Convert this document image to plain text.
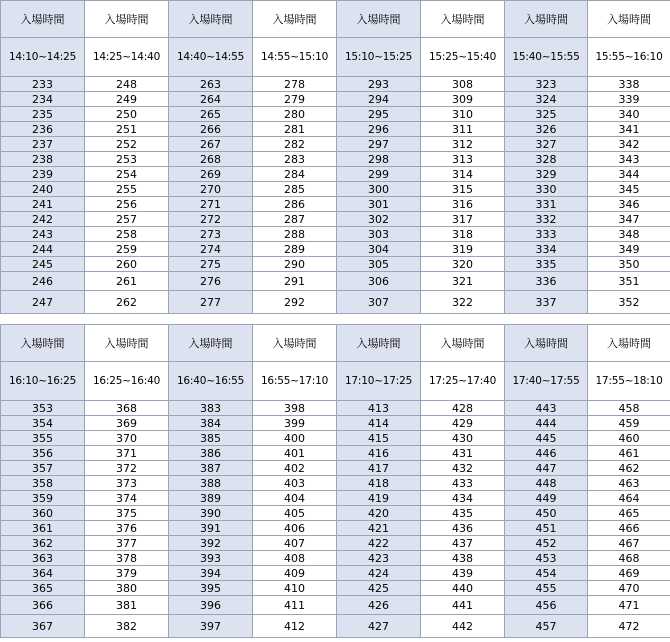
入場時間	入場時間	入場時間	入場時間	入場時間	入場時間	入場時間	入場時間
14:10~14:25	14:25~14:40	14:40~14:55	14:55~15:10	15:10~15:25	15:25~15:40	15:40~15:55	15:55~16:10
233	248	263	278	293	308	323	338
234	249	264	279	294	309	324	339
235	250	265	280	295	310	325	340
236	251	266	281	296	311	326	341
237	252	267	282	297	312	327	342
238	253	268	283	298	313	328	343
239	254	269	284	299	314	329	344
240	255	270	285	300	315	330	345
241	256	271	286	301	316	331	346
242	257	272	287	302	317	332	347
243	258	273	288	303	318	333	348
244	259	274	289	304	319	334	349
245	260	275	290	305	320	335	350
246	261	276	291	306	321	336	351
247	262	277	292	307	322	337	352
入場時間	入場時間	入場時間	入場時間	入場時間	入場時間	入場時間	入場時間
16:10~16:25	16:25~16:40	16:40~16:55	16:55~17:10	17:10~17:25	17:25~17:40	17:40~17:55	17:55~18:10
353	368	383	398	413	428	443	458
354	369	384	399	414	429	444	459
355	370	385	400	415	430	445	460
356	371	386	401	416	431	446	461
357	372	387	402	417	432	447	462
358	373	388	403	418	433	448	463
359	374	389	404	419	434	449	464
360	375	390	405	420	435	450	465
361	376	391	406	421	436	451	466
362	377	392	407	422	437	452	467
363	378	393	408	423	438	453	468
364	379	394	409	424	439	454	469
365	380	395	410	425	440	455	470
366	381	396	411	426	441	456	471
367	382	397	412	427	442	457	472
